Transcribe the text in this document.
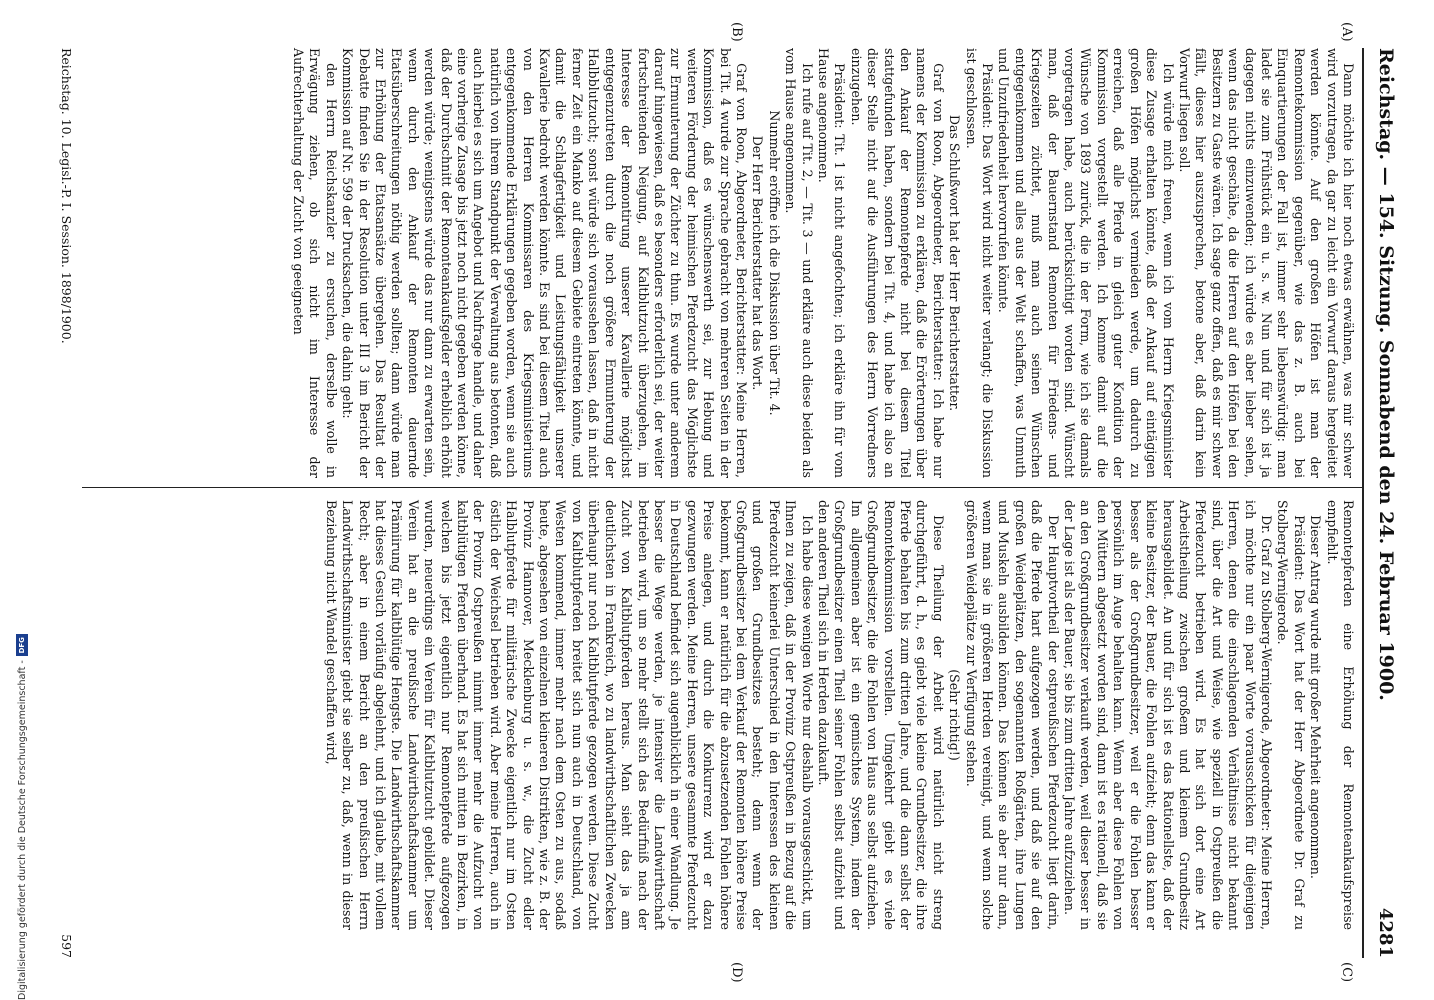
Reichstag. — 154. Sitzung. Sonnabend den 24. Februar 1900.
4281
(A)
(B)
(C)
(D)

Dann möchte ich hier noch etwas erwähnen, was mir schwer wird vorzutragen, da gar zu leicht ein Vorwurf daraus hergeleitet werden könnte. Auf den großen Höfen ist man der Remontekommission gegenüber, wie das z. B. auch bei Einquartierungen der Fall ist, immer sehr liebenswürdig: man ladet sie zum Frühstück ein u. s. w. Nun und für sich ist ja dagegen nichts einzuwenden; ich würde es aber lieber sehen, wenn das nicht geschähe, da die Herren auf den Höfen bei den Besitzern zu Gaste wären. Ich sage ganz offen, daß es mir schwer fällt, dieses hier auszusprechen, betone aber, daß darin kein Vorwurf liegen soll.

Ich würde mich freuen, wenn ich vom Herrn Kriegsminister diese Zusage erhalten könnte, daß der Ankauf auf eintägigen großen Höfen möglichst vermieden werde, um dadurch zu erreichen, daß alle Pferde in gleich guter Kondition der Kommission vorgestellt werden. Ich komme damit auf die Wünsche von 1893 zurück, die in der Form, wie ich sie damals vorgetragen habe, auch berücksichtigt worden sind. Wünscht man, daß der Bauernstand Remonten für Friedens- und Kriegszeiten züchtet, muß man auch seinen Wünschen entgegenkommen und alles aus der Welt schaffen, was Unmuth und Unzufriedenheit hervorrufen könnte.

Präsident: Das Wort wird nicht weiter verlangt; die Diskussion ist geschlossen.

Das Schlußwort hat der Herr Berichterstatter.

Graf von Roon, Abgeordneter, Berichterstatter: Ich habe nur namens der Kommission zu erklären, daß die Erörterungen über den Ankauf der Remontepferde nicht bei diesem Titel stattgefunden haben, sondern bei Tit. 4, und habe ich also an dieser Stelle nicht auf die Ausführungen des Herrn Vorredners einzugehen.

Präsident: Tit. 1 ist nicht angefochten; ich erkläre ihn für vom Hause angenommen.

Ich rufe auf Tit. 2, — Tit. 3 — und erkläre auch diese beiden als vom Hause angenommen.

Nunmehr eröffne ich die Diskussion über Tit. 4.

Der Herr Berichterstatter hat das Wort.

Graf von Roon, Abgeordneter, Berichterstatter: Meine Herren, bei Tit. 4 wurde zur Sprache gebracht von mehreren Seiten in der Kommission, daß es wünschenswerth sei, zur Hebung und weiteren Förderung der heimischen Pferdezucht das Möglichste zur Ermunterung der Züchter zu thun. Es wurde unter anderem darauf hingewiesen, daß es besonders erforderlich sei, der weiter fortschreitenden Neigung, auf Kaltblutzucht überzugehen, im Interesse der Remontirung unserer Kavallerie möglichst entgegenzutreten durch die noch größere Ermunterung der Halbblutzucht; sonst würde sich voraussehen lassen, daß in nicht ferner Zeit ein Manko auf diesem Gebiete eintreten könnte, und damit die Schlagfertigkeit und Leistungsfähigkeit unserer Kavallerie bedroht werden könnte. Es sind bei diesem Titel auch von den Herren Kommissaren des Kriegsministeriums entgegenkommende Erklärungen gegeben worden, wenn sie auch natürlich von ihrem Standpunkt der Verwaltung aus betonten, daß auch hierbei es sich um Angebot und Nachfrage handle, und daher eine vorherige Zusage bis jetzt noch nicht gegeben werden könne, daß der Durchschnitt der Remonteankaufsgelder erheblich erhöht werden würde; wenigstens würde das nur dann zu erwarten sein, wenn durch den Ankauf der Remonten dauernde Etatsüberschreitungen nöthig werden sollten; dann würde man zur Erhöhung der Etatsansätze übergehen. Das Resultat der Debatte finden Sie in der Resolution unter III 3 im Bericht der Kommission auf Nr. 599 der Drucksachen, die dahin geht:

den Herrn Reichskanzler zu ersuchen, derselbe wolle in Erwägung ziehen, ob sich nicht im Interesse der Aufrechterhaltung der Zucht von geeigneten

Remontepferden eine Erhöhung der Remonteankaufspreise empfiehlt.

Dieser Antrag wurde mit großer Mehrheit angenommen.

Präsident: Das Wort hat der Herr Abgeordnete Dr. Graf zu Stolberg-Wernigerode.

Dr. Graf zu Stolberg-Wernigerode, Abgeordneter: Meine Herren, ich möchte nur ein paar Worte vorausschicken für diejenigen Herren, denen die einschlagenden Verhältnisse nicht bekannt sind, über die Art und Weise, wie speziell in Ostpreußen die Pferdezucht betrieben wird. Es hat sich dort eine Art Arbeitstheilung zwischen großem und kleinem Grundbesitz herausgebildet. An und für sich ist es das Rationellste, daß der kleine Besitzer, der Bauer, die Fohlen aufzieht; denn das kann er besser als der Großgrundbesitzer, weil er die Fohlen besser persönlich im Auge behalten kann. Wenn aber diese Fohlen von den Müttern abgesetzt worden sind, dann ist es rationell, daß sie an den Großgrundbesitzer verkauft werden, weil dieser besser in der Lage ist als der Bauer, sie bis zum dritten Jahre aufzuziehen.

Der Hauptvortheil der ostpreußischen Pferdezucht liegt darin, daß die Pferde hart aufgezogen werden, und daß sie auf den großen Weideplätzen, den sogenannten Roßgärten, ihre Lungen und Muskeln ausbilden können. Das können sie aber nur dann, wenn man sie in größeren Herden vereinigt, und wenn solche größeren Weideplätze zur Verfügung stehen.

(Sehr richtig!)

Diese Theilung der Arbeit wird natürlich nicht streng durchgeführt, d. h., es giebt viele kleine Grundbesitzer, die ihre Pferde behalten bis zum dritten Jahre, und die dann selbst der Remontekommission vorstellen. Umgekehrt giebt es viele Großgrundbesitzer, die die Fohlen von Haus aus selbst aufziehen. Im allgemeinen aber ist ein gemischtes System, indem der Großgrundbesitzer einen Theil seiner Fohlen selbst aufzieht und den anderen Theil sich in Herden dazukauft.

Ich habe diese wenigen Worte nur deshalb vorausgeschickt, um Ihnen zu zeigen, daß in der Provinz Ostpreußen in Bezug auf die Pferdezucht keinerlei Unterschied in den Interessen des kleinen und großen Grundbesitzes besteht; denn wenn der Großgrundbesitzer bei dem Verkauf der Remonten höhere Preise bekommt, kann er natürlich für die abzusetzenden Fohlen höhere Preise anlegen, und durch die Konkurrenz wird er dazu gezwungen werden. Meine Herren, unsere gesammte Pferdezucht in Deutschland befindet sich augenblicklich in einer Wandlung. Je besser die Wege werden, je intensiver die Landwirthschaft betrieben wird, um so mehr stellt sich das Bedürfniß nach der Zucht von Kaltblutpferden heraus. Man sieht das ja am deutlichsten in Frankreich, wo zu landwirthschaftlichen Zwecken überhaupt nur noch Kaltblutpferde gezogen werden. Diese Zucht von Kaltblutpferden breitet sich nun auch in Deutschland, von Westen kommend, immer mehr nach dem Osten zu aus, sodaß heute, abgesehen von einzelnen kleineren Distrikten, wie z. B. der Provinz Hannover, Mecklenburg u. s. w., die Zucht edler Halblutpferde für militärische Zwecke eigentlich nur im Osten östlich der Weichsel betrieben wird. Aber meine Herren, auch in der Provinz Ostpreußen nimmt immer mehr die Aufzucht von kaltblütigen Pferden überhand. Es hat sich mitten in Bezirken, in welchen bis jetzt eigentlich nur Remontepferde aufgezogen wurden, neuerdings ein Verein für Kaltblutzucht gebildet. Dieser Verein hat an die preußische Landwirthschaftskammer um Prämiirung für kaltblütige Hengste. Die Landwirthschaftskammer hat dieses Gesuch vorläufig abgelehnt, und ich glaube, mit vollem Recht; aber in einem Bericht an den preußischen Herrn Landwirthschaftsminister giebt sie selber zu, daß, wenn in dieser Beziehung nicht Wandel geschaffen wird,

Reichstag. 10. Legisl.-P. I. Session. 1898/1900.
597
Digitalisierung gefördert durch die Deutsche Forschungsgemeinschaft -
DFG
